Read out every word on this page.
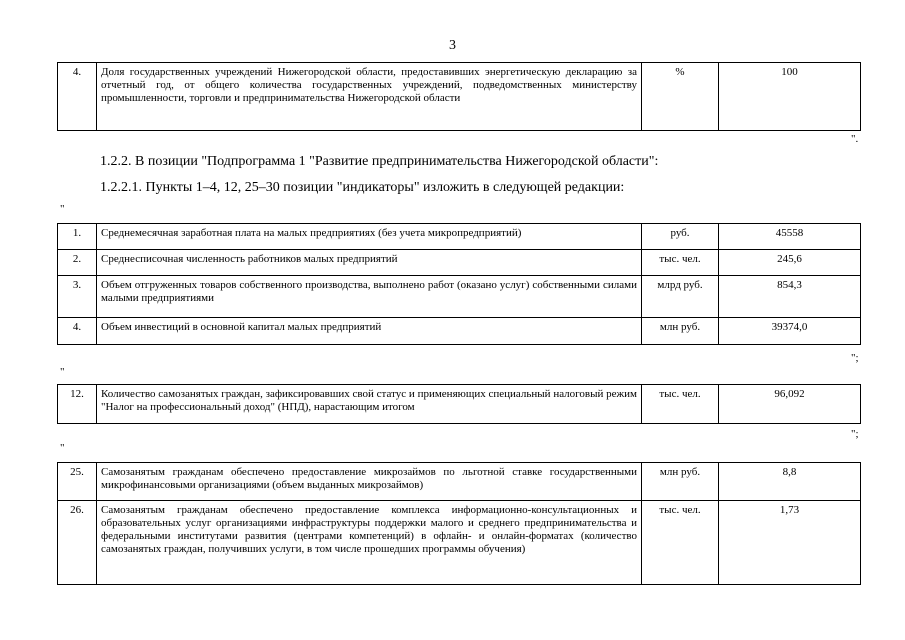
3
4.	Доля государственных учреждений Нижегородской области, предоставивших энергетическую декларацию за отчетный год, от общего количества государственных учреждений, подведомственных министерству промышленности, торговли и предпринимательства Нижегородской области	%	100
".
1.2.2. В позиции "Подпрограмма 1 "Развитие предпринимательства Нижегородской области":
1.2.2.1. Пункты 1–4, 12, 25–30 позиции "индикаторы" изложить в следующей редакции:
"
1.	Среднемесячная заработная плата на малых предприятиях (без учета микропредприятий)	руб.	45558
2.	Среднесписочная численность работников малых предприятий	тыс. чел.	245,6
3.	Объем отгруженных товаров собственного производства, выполнено работ (оказано услуг) собственными силами малыми предприятиями	млрд руб.	854,3
4.	Объем инвестиций в основной капитал малых предприятий	млн руб.	39374,0
";
"
12.	Количество самозанятых граждан, зафиксировавших свой статус и применяющих специальный налоговый режим "Налог на профессиональный доход" (НПД), нарастающим итогом	тыс. чел.	96,092
";
"
25.	Самозанятым гражданам обеспечено предоставление микрозаймов по льготной ставке государственными микрофинансовыми организациями (объем выданных микрозаймов)	млн руб.	8,8
26.	Самозанятым гражданам обеспечено предоставление комплекса информационно-консультационных и образовательных услуг организациями инфраструктуры поддержки малого и среднего предпринимательства и федеральными институтами развития (центрами компетенций) в офлайн- и онлайн-форматах (количество самозанятых граждан, получивших услуги, в том числе прошедших программы обучения)	тыс. чел.	1,73
